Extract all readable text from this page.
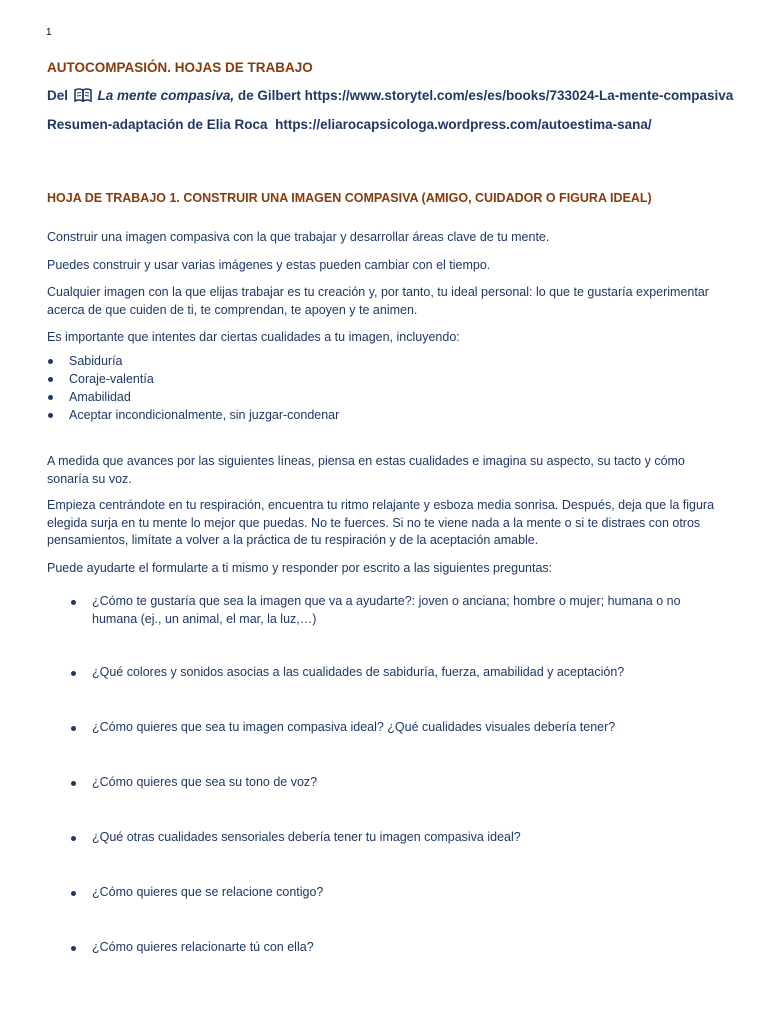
1
AUTOCOMPASIÓN. HOJAS DE TRABAJO
Del La mente compasiva, de Gilbert https://www.storytel.com/es/es/books/733024-La-mente-compasiva
Resumen-adaptación de Elia Roca https://eliarocapsicologa.wordpress.com/autoestima-sana/
HOJA DE TRABAJO 1. CONSTRUIR UNA IMAGEN COMPASIVA (AMIGO, CUIDADOR O FIGURA IDEAL)

Construir una imagen compasiva con la que trabajar y desarrollar áreas clave de tu mente.

Puedes construir y usar varias imágenes y estas pueden cambiar con el tiempo.

Cualquier imagen con la que elijas trabajar es tu creación y, por tanto, tu ideal personal: lo que te gustaría experimentar acerca de que cuiden de ti, te comprendan, te apoyen y te animen.

Es importante que intentes dar ciertas cualidades a tu imagen, incluyendo:

Sabiduría
Coraje-valentía
Amabilidad
Aceptar incondicionalmente, sin juzgar-condenar

A medida que avances por las siguientes líneas, piensa en estas cualidades e imagina su aspecto, su tacto y cómo sonaría su voz.

Empieza centrándote en tu respiración, encuentra tu ritmo relajante y esboza media sonrisa. Después, deja que la figura elegida surja en tu mente lo mejor que puedas. No te fuerces. Si no te viene nada a la mente o si te distraes con otros pensamientos, limítate a volver a la práctica de tu respiración y de la aceptación amable.

Puede ayudarte el formularte a ti mismo y responder por escrito a las siguientes preguntas:

¿Cómo te gustaría que sea la imagen que va a ayudarte?: joven o anciana; hombre o mujer; humana o no humana (ej., un animal, el mar, la luz,…)
¿Qué colores y sonidos asocias a las cualidades de sabiduría, fuerza, amabilidad y aceptación?
¿Cómo quieres que sea tu imagen compasiva ideal? ¿Qué cualidades visuales debería tener?
¿Cómo quieres que sea su tono de voz?
¿Qué otras cualidades sensoriales debería tener tu imagen compasiva ideal?
¿Cómo quieres que se relacione contigo?
¿Cómo quieres relacionarte tú con ella?
